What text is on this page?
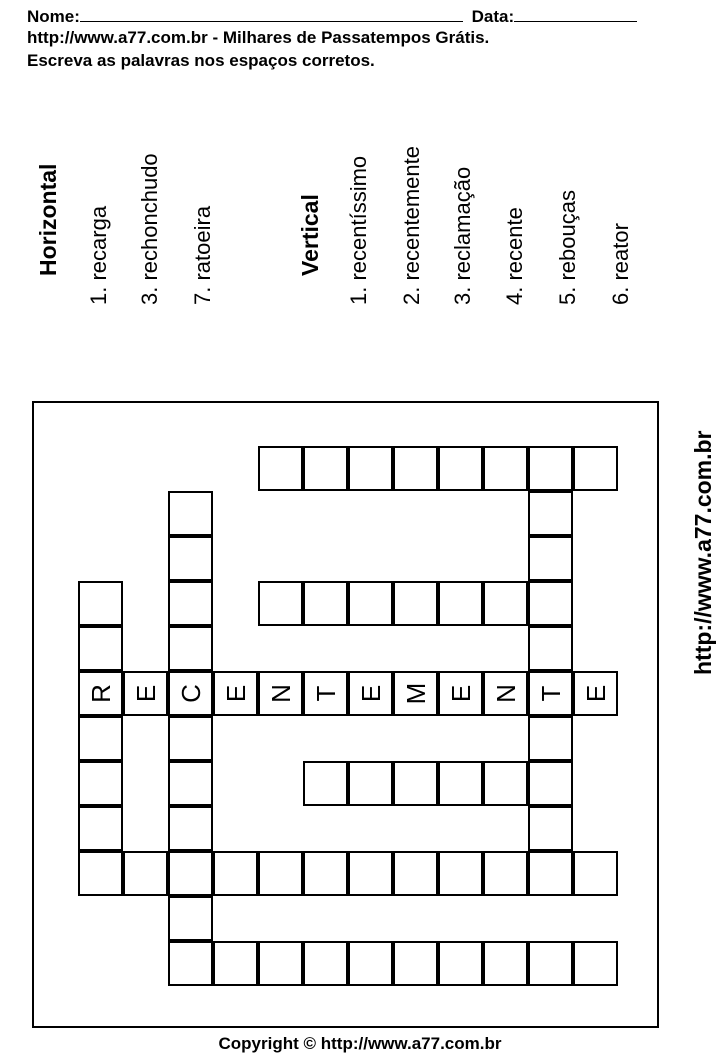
Nome:	Data:
http://www.a77.com.br - Milhares de Passatempos Grátis.
Escreva as palavras nos espaços corretos.
Horizontal 1. recarga 3. rechonchudo 7. ratoeira	Vertical 1. recentíssimo 2. recentemente 3. reclamação 4. recente 5. rebouças 6. reator
http://www.a77.com.br
C	T
R E E N T E M E N E
Copyright © http://www.a77.com.br
